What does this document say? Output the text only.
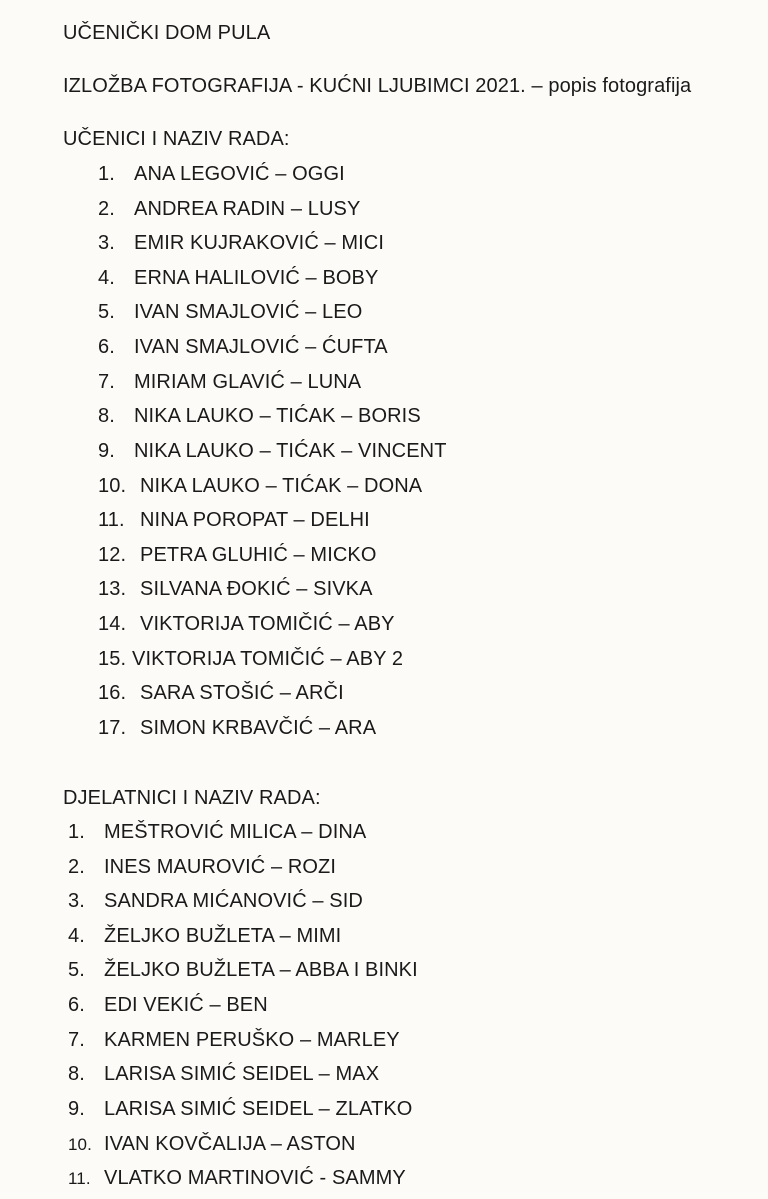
UČENIČKI DOM PULA
IZLOŽBA FOTOGRAFIJA - KUĆNI LJUBIMCI 2021. – popis fotografija
UČENICI I NAZIV RADA:
1. ANA LEGOVIĆ – OGGI
2. ANDREA RADIN – LUSY
3. EMIR KUJRAKOVIĆ – MICI
4. ERNA HALILOVIĆ – BOBY
5. IVAN SMAJLOVIĆ – LEO
6. IVAN SMAJLOVIĆ – ĆUFTA
7. MIRIAM GLAVIĆ – LUNA
8. NIKA LAUKO – TIĆAK – BORIS
9. NIKA LAUKO – TIĆAK – VINCENT
10. NIKA LAUKO – TIĆAK – DONA
11. NINA POROPAT – DELHI
12. PETRA GLUHIĆ – MICKO
13. SILVANA ĐOKIĆ – SIVKA
14. VIKTORIJA TOMIČIĆ – ABY
15. VIKTORIJA TOMIČIĆ – ABY 2
16. SARA STOŠIĆ – ARČI
17. SIMON KRBAVČIĆ – ARA
DJELATNICI I NAZIV RADA:
1. MEŠTROVIĆ MILICA – DINA
2. INES MAUROVIĆ – ROZI
3. SANDRA MIĆANOVIĆ – SID
4. ŽELJKO BUŽLETA – MIMI
5. ŽELJKO BUŽLETA – ABBA I BINKI
6. EDI VEKIĆ – BEN
7. KARMEN PERUŠKO – MARLEY
8. LARISA SIMIĆ SEIDEL – MAX
9. LARISA SIMIĆ SEIDEL – ZLATKO
10. IVAN KOVČALIJA – ASTON
11. VLATKO MARTINOVIĆ - SAMMY
